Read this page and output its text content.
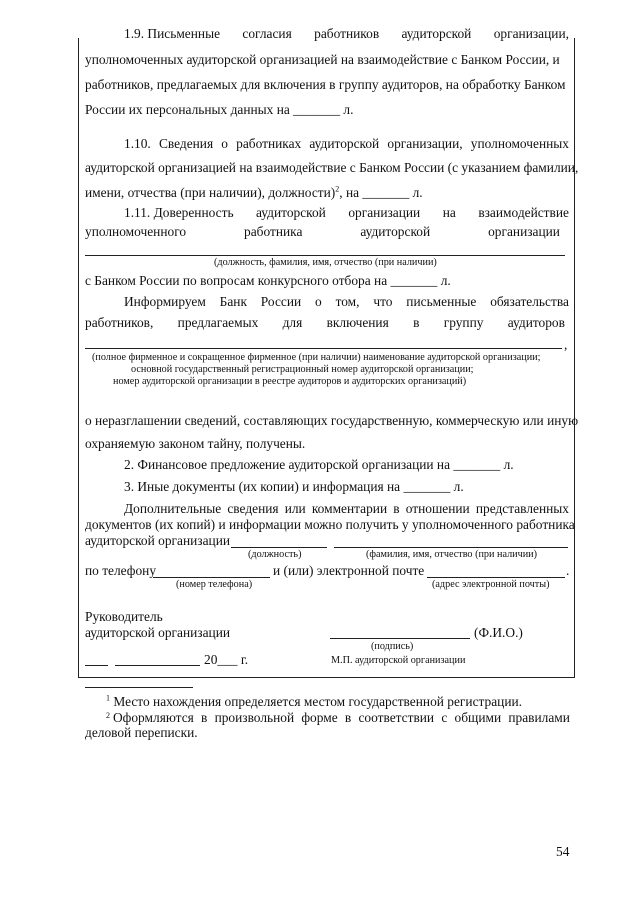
1.9. Письменные согласия работников аудиторской организации,
уполномоченных аудиторской организацией на взаимодействие с Банком России, и
работников, предлагаемых для включения в группу аудиторов, на обработку Банком
России их персональных данных на _______ л.
1.10. Сведения о работниках аудиторской организации, уполномоченных
аудиторской организацией на взаимодействие с Банком России (с указанием фамилии,
имени, отчества (при наличии), должности)$^2$, на _______ л.
1.11. Доверенность аудиторской организации на взаимодействие
уполномоченного	работника	аудиторской	организации
(должность, фамилия, имя, отчество (при наличии)
с Банком России по вопросам конкурсного отбора на _______ л.
Информируем Банк России о том, что письменные обязательства
работников, предлагаемых для включения в группу аудиторов
,
(полное фирменное и сокращенное фирменное (при наличии) наименование аудиторской организации;
основной государственный регистрационный номер аудиторской организации;
номер аудиторской организации в реестре аудиторов и аудиторских организаций)
о неразглашении сведений, составляющих государственную, коммерческую или иную
охраняемую законом тайну, получены.
2. Финансовое предложение аудиторской организации на _______ л.
3. Иные документы (их копии) и информация на _______ л.
Дополнительные сведения или комментарии в отношении представленных
документов (их копий) и информации можно получить у уполномоченного работника
аудиторской организации
(должность)	(фамилия, имя, отчество (при наличии)
по телефону	и (или) электронной почте	.
(номер телефона)	(адрес электронной почты)
Руководитель
аудиторской организации	(Ф.И.О.)
(подпись)
20___ г.	М.П. аудиторской организации
$^1$ Место нахождения определяется местом государственной регистрации.
2 Оформляются в произвольной форме в соответствии с общими правилами
деловой переписки.
54
